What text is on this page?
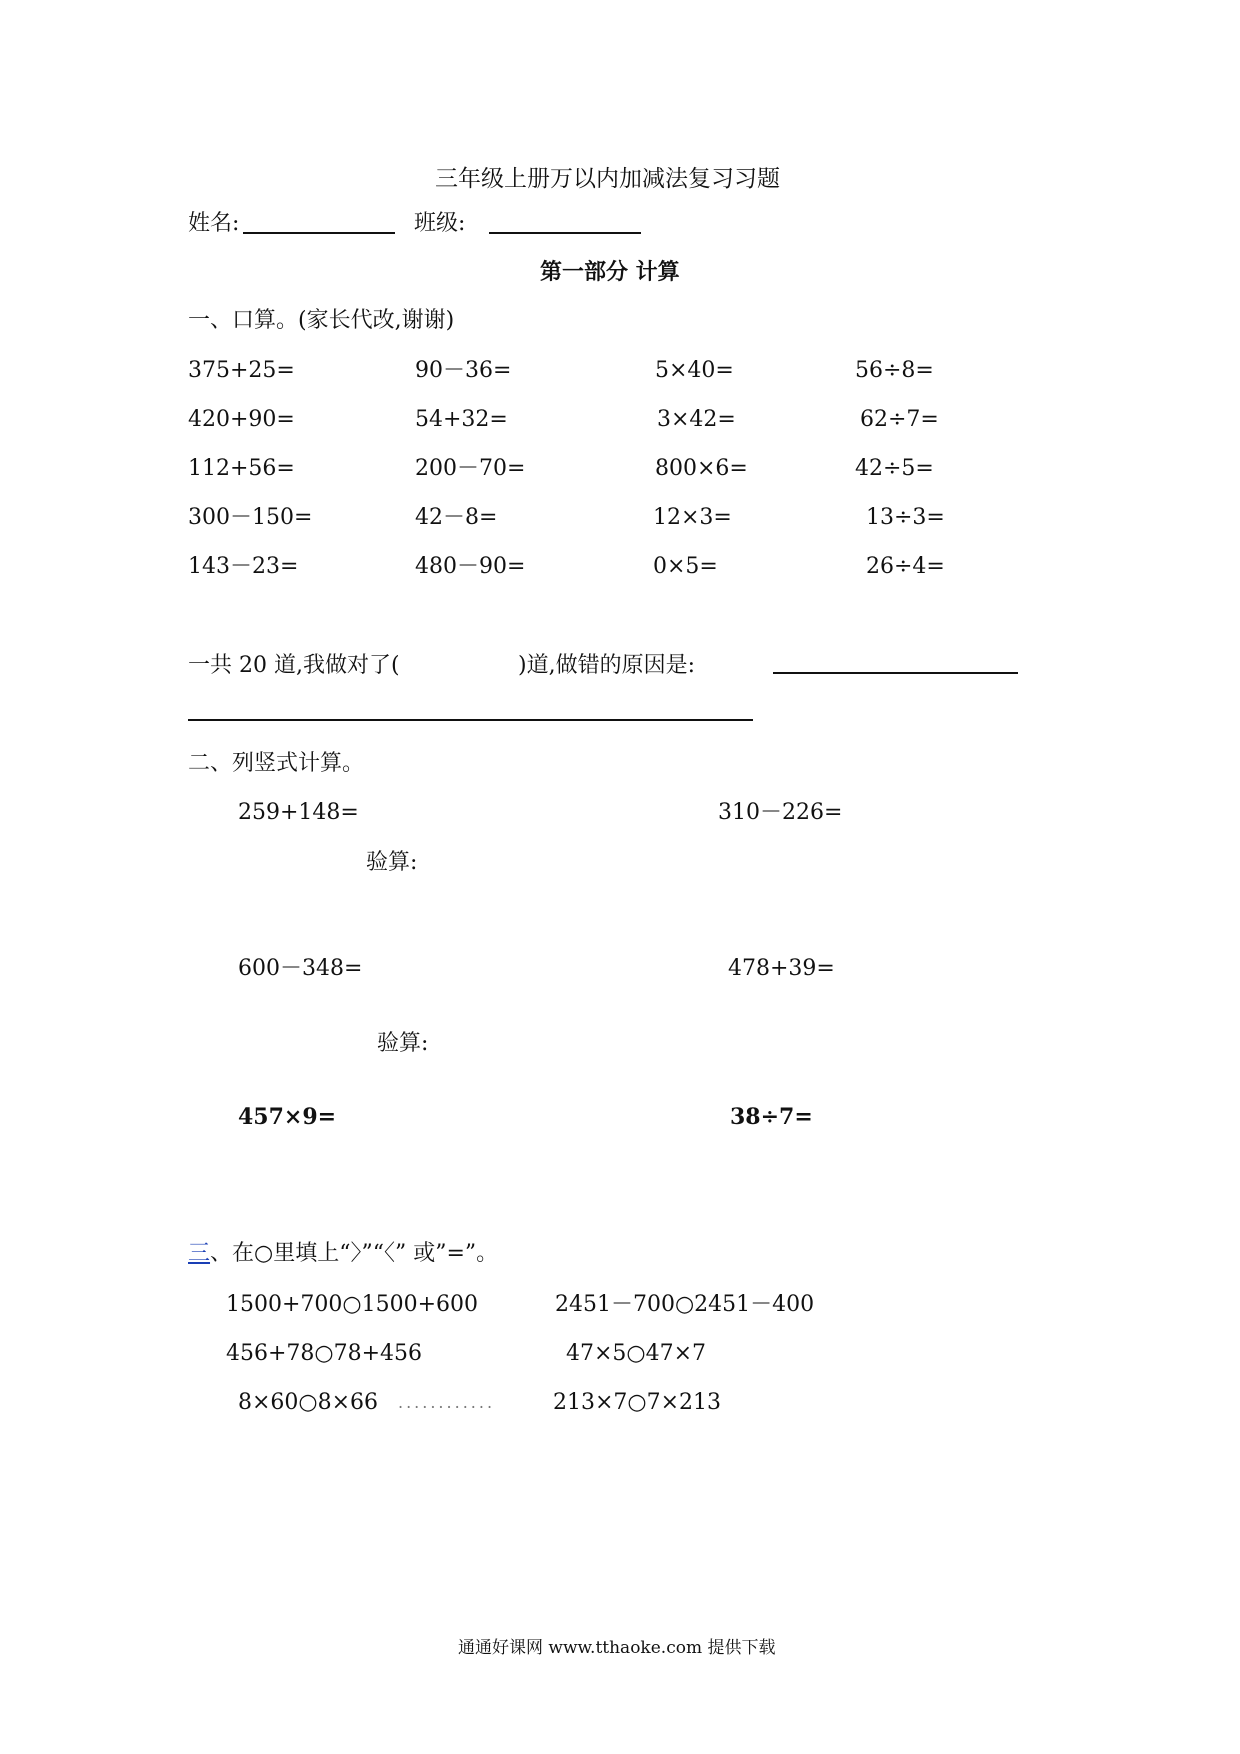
三年级上册万以内加减法复习习题
姓名:	班级:
第一部分 计算
一、口算。(家长代改,谢谢)
375+25=	90－36=	5×40=	56÷8=
420+90=	54+32=	3×42=	62÷7=
112+56=	200－70=	800×6=	42÷5=
300－150=	42－8=	12×3=	13÷3=
143－23=	480－90=	0×5=	26÷4=
一共 20 道,我做对了(	)道,做错的原因是:
二、列竖式计算。
259+148=	310－226=
验算:
600－348=	478+39=
验算:
457×9=	38÷7=
三、在○里填上“〉”“〈” 或”=”。
1500+700○1500+600	2451－700○2451－400
456+78○78+456	47×5○47×7
8×60○8×66 ............	213×7○7×213
通通好课网 www.tthaoke.com 提供下载
